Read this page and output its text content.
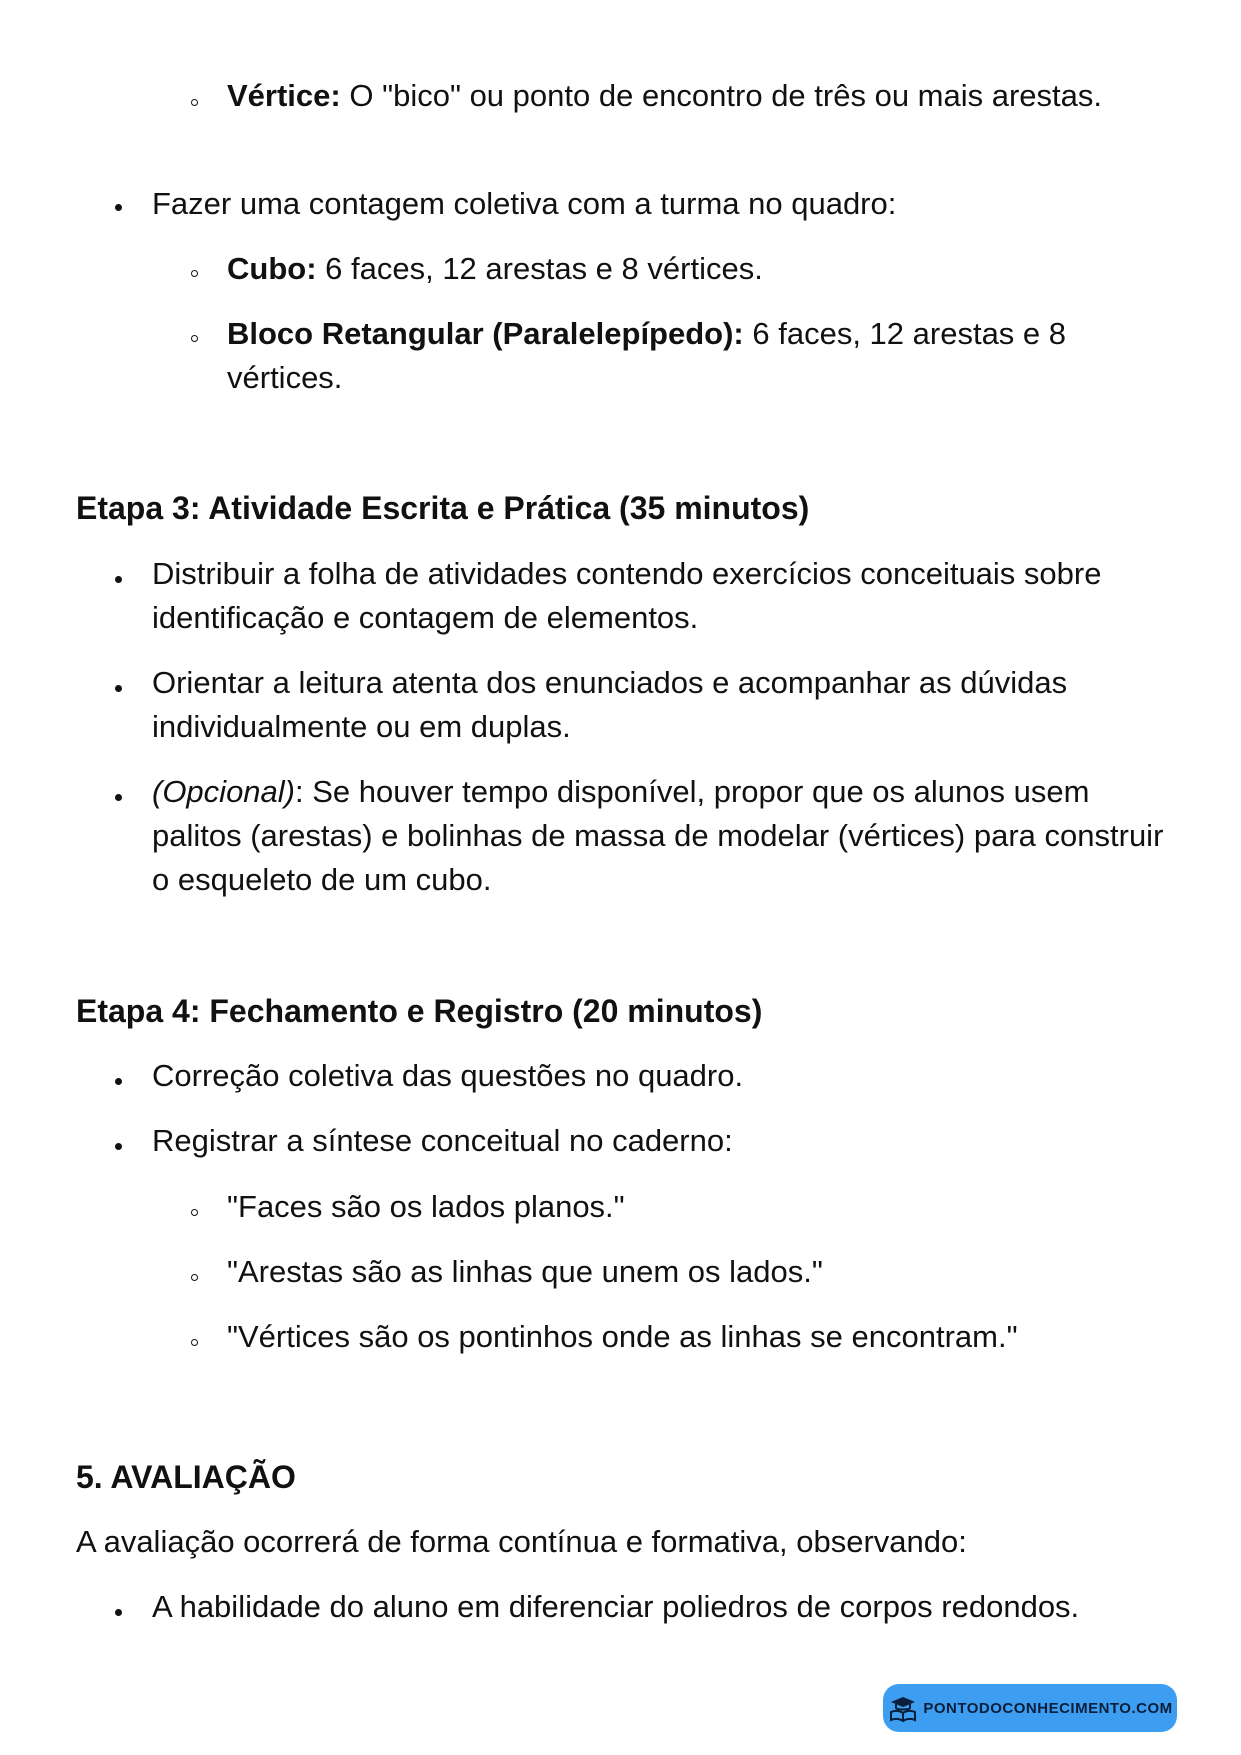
Vértice: O "bico" ou ponto de encontro de três ou mais arestas.
Fazer uma contagem coletiva com a turma no quadro:
Cubo: 6 faces, 12 arestas e 8 vértices.
Bloco Retangular (Paralelepípedo): 6 faces, 12 arestas e 8 vértices.
Etapa 3: Atividade Escrita e Prática (35 minutos)
Distribuir a folha de atividades contendo exercícios conceituais sobre identificação e contagem de elementos.
Orientar a leitura atenta dos enunciados e acompanhar as dúvidas individualmente ou em duplas.
(Opcional): Se houver tempo disponível, propor que os alunos usem palitos (arestas) e bolinhas de massa de modelar (vértices) para construir o esqueleto de um cubo.
Etapa 4: Fechamento e Registro (20 minutos)
Correção coletiva das questões no quadro.
Registrar a síntese conceitual no caderno:
"Faces são os lados planos."
"Arestas são as linhas que unem os lados."
"Vértices são os pontinhos onde as linhas se encontram."
5. AVALIAÇÃO
A avaliação ocorrerá de forma contínua e formativa, observando:
A habilidade do aluno em diferenciar poliedros de corpos redondos.
PONTODOCONHECIMENTO.COM
